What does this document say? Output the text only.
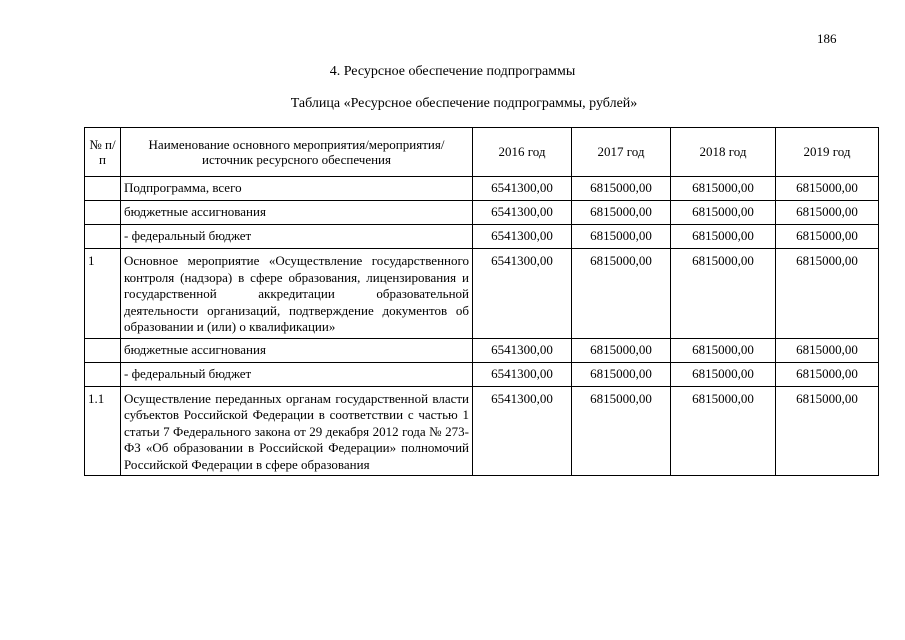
186
4. Ресурсное обеспечение подпрограммы
Таблица «Ресурсное обеспечение подпрограммы, рублей»
№ п/п	Наименование основного мероприятия/мероприятия/ источник ресурсного обеспечения	2016 год	2017 год	2018 год	2019 год
	Подпрограмма, всего	6541300,00	6815000,00	6815000,00	6815000,00
	бюджетные ассигнования	6541300,00	6815000,00	6815000,00	6815000,00
	- федеральный бюджет	6541300,00	6815000,00	6815000,00	6815000,00
1	Основное мероприятие «Осуществление государственного контроля (надзора) в сфере образования, лицензирования и государственной аккредитации образовательной деятельности организаций, подтверждение документов об образовании и (или) о квалификации»	6541300,00	6815000,00	6815000,00	6815000,00
	бюджетные ассигнования	6541300,00	6815000,00	6815000,00	6815000,00
	- федеральный бюджет	6541300,00	6815000,00	6815000,00	6815000,00
1.1	Осуществление переданных органам государственной власти субъектов Российской Федерации в соответствии с частью 1 статьи 7 Федерального закона от 29 декабря 2012 года № 273-ФЗ «Об образовании в Российской Федерации» полномочий Российской Федерации в сфере образования	6541300,00	6815000,00	6815000,00	6815000,00
